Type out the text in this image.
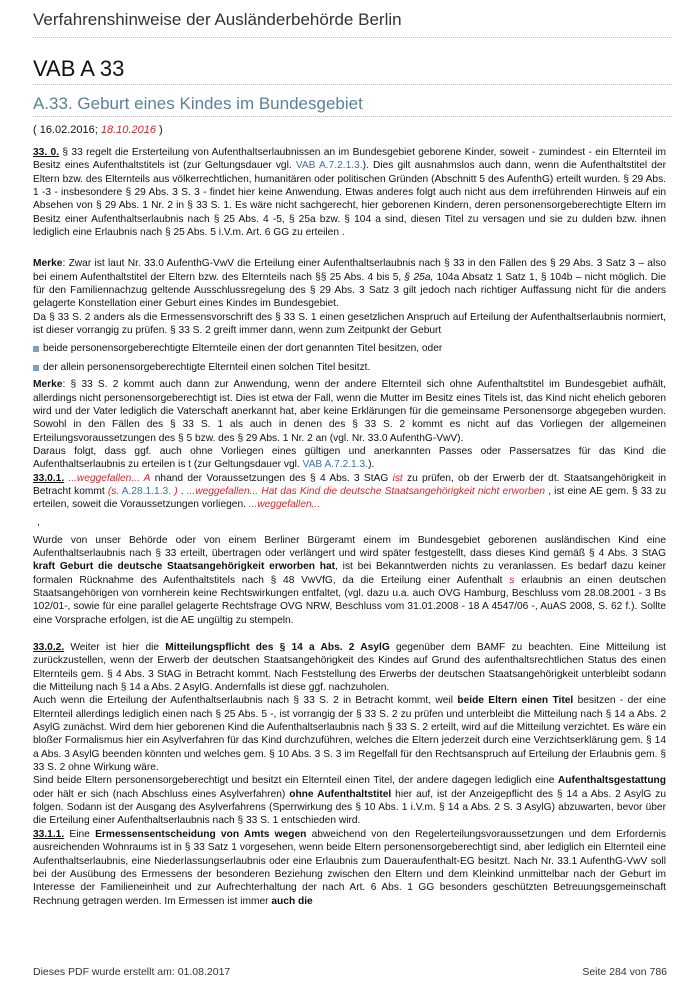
Verfahrenshinweise der Ausländerbehörde Berlin
VAB A 33
A.33. Geburt eines Kindes im Bundesgebiet
( 16.02.2016; 18.10.2016 )

33. 0. § 33 regelt die Ersterteilung von Aufenthaltserlaubnissen an im Bundesgebiet geborene Kinder, soweit - zumindest - ein Elternteil im Besitz eines Aufenthaltstitels ist (zur Geltungsdauer vgl. VAB A.7.2.1.3.). Dies gilt ausnahmslos auch dann, wenn die Aufenthaltstitel der Eltern bzw. des Elternteils aus völkerrechtlichen, humanitären oder politischen Gründen (Abschnitt 5 des AufenthG) erteilt wurden. § 29 Abs. 1 -3 - insbesondere § 29 Abs. 3 S. 3 - findet hier keine Anwendung. Etwas anderes folgt auch nicht aus dem irreführenden Hinweis auf ein Absehen von § 29 Abs. 1 Nr. 2 in § 33 S. 1. Es wäre nicht sachgerecht, hier geborenen Kindern, deren personensorgeberechtigte Eltern im Besitz einer Aufenthaltserlaubnis nach § 25 Abs. 4 -5, § 25a bzw. § 104 a sind, diesen Titel zu versagen und sie zu dulden bzw. ihnen lediglich eine Erlaubnis nach § 25 Abs. 5 i.V.m. Art. 6 GG zu erteilen .

Merke: Zwar ist laut Nr. 33.0 AufenthG-VwV die Erteilung einer Aufenthaltserlaubnis nach § 33 in den Fällen des § 29 Abs. 3 Satz 3 – also bei einem Aufenthaltstitel der Eltern bzw. des Elternteils nach §§ 25 Abs. 4 bis 5, § 25a, 104a Absatz 1 Satz 1, § 104b – nicht möglich. Die für den Familiennachzug geltende Ausschlussregelung des § 29 Abs. 3 Satz 3 gilt jedoch nach richtiger Auffassung nicht für die anders gelagerte Konstellation einer Geburt eines Kindes im Bundesgebiet.

Da § 33 S. 2 anders als die Ermessensvorschrift des § 33 S. 1 einen gesetzlichen Anspruch auf Erteilung der Aufenthaltserlaubnis normiert, ist dieser vorrangig zu prüfen. § 33 S. 2 greift immer dann, wenn zum Zeitpunkt der Geburt

beide personensorgeberechtigte Elternteile einen der dort genannten Titel besitzen, oder
der allein personensorgeberechtigte Elternteil einen solchen Titel besitzt.

Merke: § 33 S. 2 kommt auch dann zur Anwendung, wenn der andere Elternteil sich ohne Aufenthaltstitel im Bundesgebiet aufhält, allerdings nicht personensorgeberechtigt ist. Dies ist etwa der Fall, wenn die Mutter im Besitz eines Titels ist, das Kind nicht ehelich geboren wird und der Vater lediglich die Vaterschaft anerkannt hat, aber keine Erklärungen für die gemeinsame Personensorge abgegeben wurden. Sowohl in den Fällen des § 33 S. 1 als auch in denen des § 33 S. 2 kommt es nicht auf das Vorliegen der allgemeinen Erteilungsvoraussetzungen des § 5 bzw. des § 29 Abs. 1 Nr. 2 an (vgl. Nr. 33.0 AufenthG-VwV).

Daraus folgt, dass ggf. auch ohne Vorliegen eines gültigen und anerkannten Passes oder Passersatzes für das Kind die Aufenthaltserlaubnis zu erteilen is t (zur Geltungsdauer vgl. VAB A.7.2.1.3.).

33.0.1. ...weggefallen... A nhand der Voraussetzungen des § 4 Abs. 3 StAG ist zu prüfen, ob der Erwerb der dt. Staatsangehörigkeit in Betracht kommt (s. A.28.1.1.3. ) . ...weggefallen... Hat das Kind die deutsche Staatsangehörigkeit nicht erworben , ist eine AE gem. § 33 zu erteilen, soweit die Voraussetzungen vorliegen. ...weggefallen...

,

Wurde von unser Behörde oder von einem Berliner Bürgeramt einem im Bundesgebiet geborenen ausländischen Kind eine Aufenthaltserlaubnis nach § 33 erteilt, übertragen oder verlängert und wird später festgestellt, dass dieses Kind gemäß § 4 Abs. 3 StAG kraft Geburt die deutsche Staatsangehörigkeit erworben hat, ist bei Bekanntwerden nichts zu veranlassen. Es bedarf dazu keiner formalen Rücknahme des Aufenthaltstitels nach § 48 VwVfG, da die Erteilung einer Aufenthalt s erlaubnis an einen deutschen Staatsangehörigen von vornherein keine Rechtswirkungen entfaltet, (vgl. dazu u.a. auch OVG Hamburg, Beschluss vom 28.08.2001 - 3 Bs 102/01-, sowie für eine parallel gelagerte Rechtsfrage OVG NRW, Beschluss vom 31.01.2008 - 18 A 4547/06 -, AuAS 2008, S. 62 f.). Sollte eine Vorsprache erfolgen, ist die AE ungültig zu stempeln.

33.0.2. Weiter ist hier die Mitteilungspflicht des § 14 a Abs. 2 AsylG gegenüber dem BAMF zu beachten. Eine Mitteilung ist zurückzustellen, wenn der Erwerb der deutschen Staatsangehörigkeit des Kindes auf Grund des aufenthaltsrechtlichen Status des einen Elternteils gem. § 4 Abs. 3 StAG in Betracht kommt. Nach Feststellung des Erwerbs der deutschen Staatsangehörigkeit unterbleibt sodann die Mitteilung nach § 14 a Abs. 2 AsylG. Andernfalls ist diese ggf. nachzuholen.

Auch wenn die Erteilung der Aufenthaltserlaubnis nach § 33 S. 2 in Betracht kommt, weil beide Eltern einen Titel besitzen - der eine Elternteil allerdings lediglich einen nach § 25 Abs. 5 -, ist vorrangig der § 33 S. 2 zu prüfen und unterbleibt die Mitteilung nach § 14 a Abs. 2 AsylG zunächst. Wird dem hier geborenen Kind die Aufenthaltserlaubnis nach § 33 S. 2 erteilt, wird auf die Mitteilung verzichtet. Es wäre ein bloßer Formalismus hier ein Asylverfahren für das Kind durchzuführen, welches die Eltern jederzeit durch eine Verzichtserklärung gem. § 14 a Abs. 3 AsylG beenden könnten und welches gem. § 10 Abs. 3 S. 3 im Regelfall für den Rechtsanspruch auf Erteilung der Erlaubnis gem. § 33 S. 2 ohne Wirkung wäre.

Sind beide Eltern personensorgeberechtigt und besitzt ein Elternteil einen Titel, der andere dagegen lediglich eine Aufenthaltsgestattung oder hält er sich (nach Abschluss eines Asylverfahren) ohne Aufenthaltstitel hier auf, ist der Anzeigepflicht des § 14 a Abs. 2 AsylG zu folgen. Sodann ist der Ausgang des Asylverfahrens (Sperrwirkung des § 10 Abs. 1 i.V.m. § 14 a Abs. 2 S. 3 AsylG) abzuwarten, bevor über die Erteilung einer Aufenthaltserlaubnis nach § 33 S. 1 entschieden wird.

33.1.1. Eine Ermessensentscheidung von Amts wegen abweichend von den Regelerteilungsvoraussetzungen und dem Erfordernis ausreichenden Wohnraums ist in § 33 Satz 1 vorgesehen, wenn beide Eltern personensorgeberechtigt sind, aber lediglich ein Elternteil eine Aufenthaltserlaubnis, eine Niederlassungserlaubnis oder eine Erlaubnis zum Daueraufenthalt-EG besitzt. Nach Nr. 33.1 AufenthG-VwV soll bei der Ausübung des Ermessens der besonderen Beziehung zwischen den Eltern und dem Kleinkind unmittelbar nach der Geburt im Interesse der Familieneinheit und zur Aufrechterhaltung der nach Art. 6 Abs. 1 GG besonders geschützten Betreuungsgemeinschaft Rechnung getragen werden. Im Ermessen ist immer auch die

Dieses PDF wurde erstellt am: 01.08.2017	Seite 284 von 786
